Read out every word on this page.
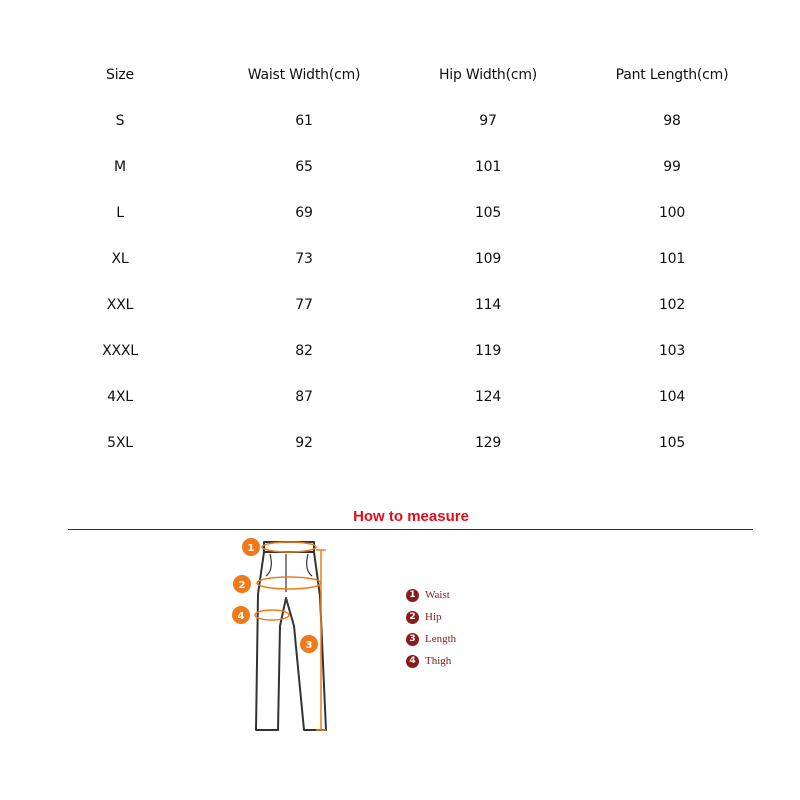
Size	Waist Width(cm)	Hip Width(cm)	Pant Length(cm)
S	61	97	98
M	65	101	99
L	69	105	100
XL	73	109	101
XXL	77	114	102
XXXL	82	119	103
4XL	87	124	104
5XL	92	129	105
How to measure
1
2
3
4
1 Waist
2 Hip
3 Length
4 Thigh
